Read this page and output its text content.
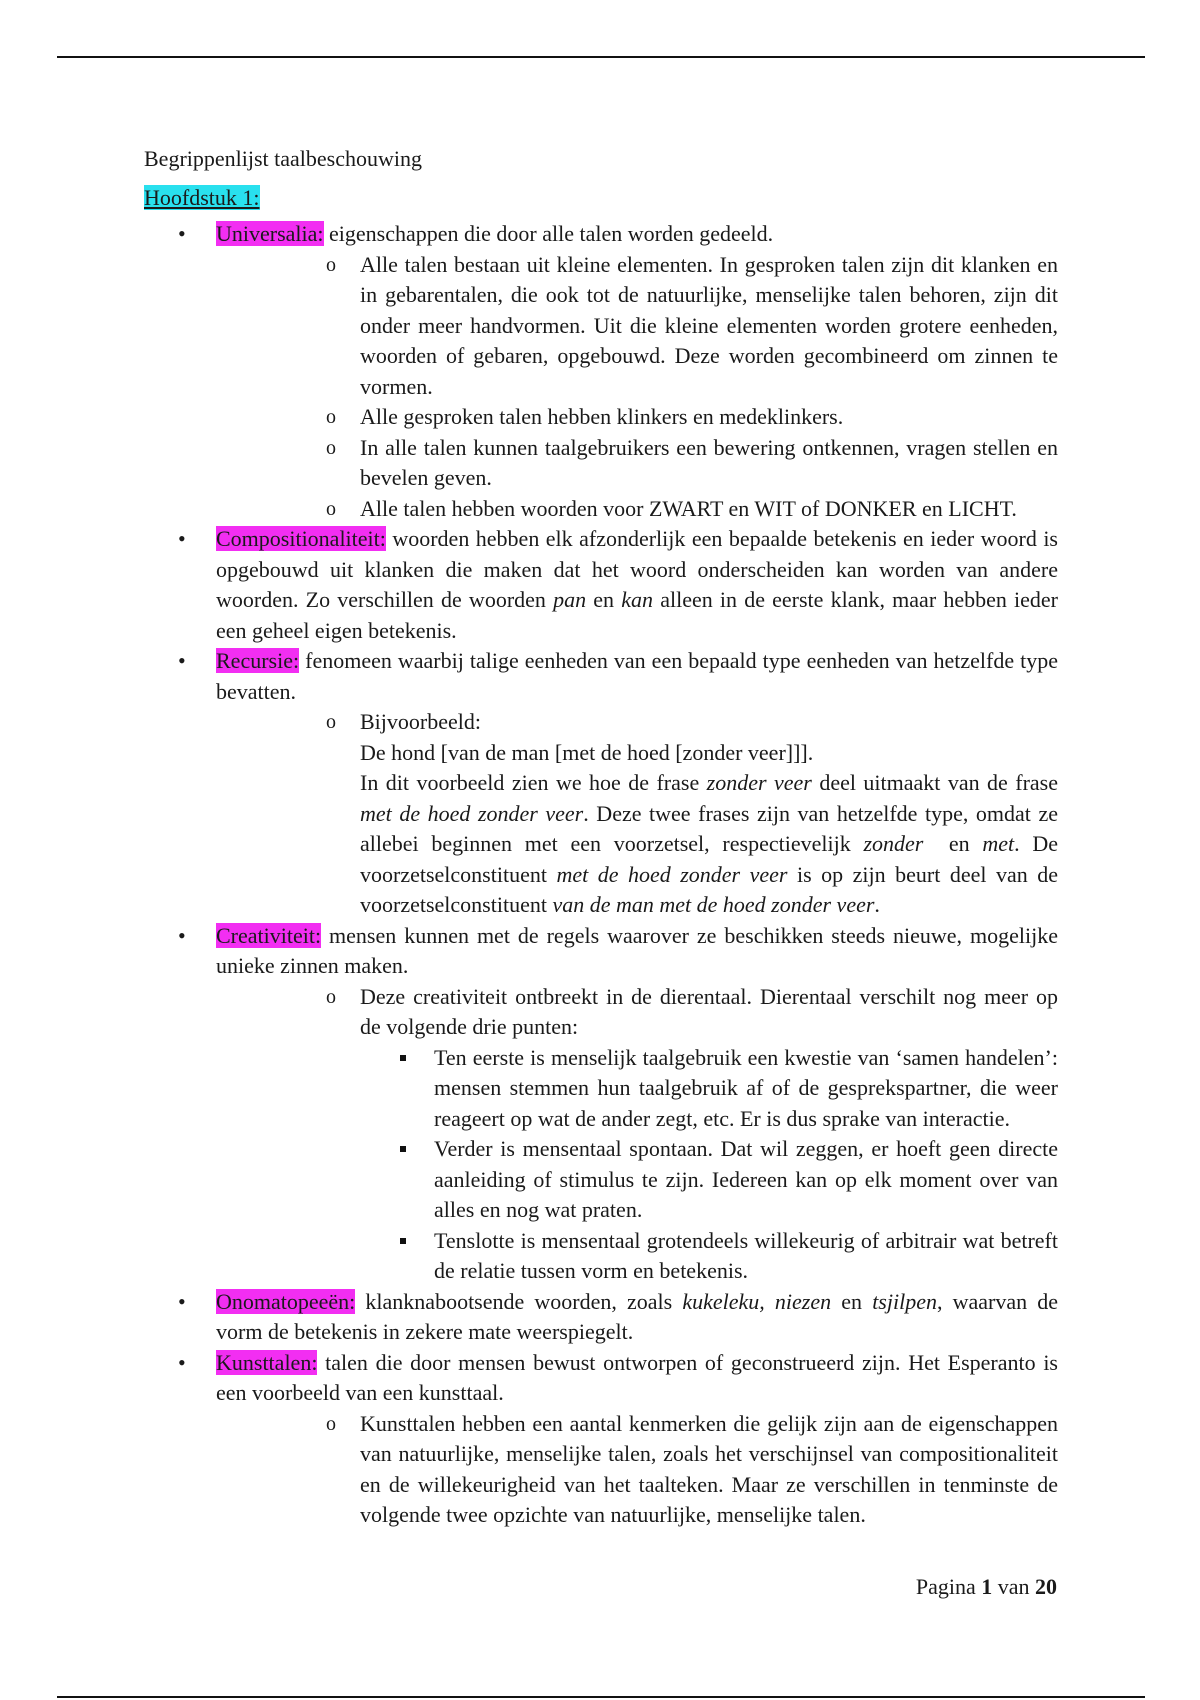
Begrippenlijst taalbeschouwing
Hoofdstuk 1:
• Universalia: eigenschappen die door alle talen worden gedeeld.
o Alle talen bestaan uit kleine elementen. In gesproken talen zijn dit klanken en in gebarentalen, die ook tot de natuurlijke, menselijke talen behoren, zijn dit onder meer handvormen. Uit die kleine elementen worden grotere eenheden, woorden of gebaren, opgebouwd. Deze worden gecombineerd om zinnen te vormen.
o Alle gesproken talen hebben klinkers en medeklinkers.
o In alle talen kunnen taalgebruikers een bewering ontkennen, vragen stellen en bevelen geven.
o Alle talen hebben woorden voor ZWART en WIT of DONKER en LICHT.
• Compositionaliteit: woorden hebben elk afzonderlijk een bepaalde betekenis en ieder woord is opgebouwd uit klanken die maken dat het woord onderscheiden kan worden van andere woorden. Zo verschillen de woorden pan en kan alleen in de eerste klank, maar hebben ieder een geheel eigen betekenis.
• Recursie: fenomeen waarbij talige eenheden van een bepaald type eenheden van hetzelfde type bevatten.
o Bijvoorbeeld:
De hond [van de man [met de hoed [zonder veer]]].
In dit voorbeeld zien we hoe de frase zonder veer deel uitmaakt van de frase met de hoed zonder veer. Deze twee frases zijn van hetzelfde type, omdat ze allebei beginnen met een voorzetsel, respectievelijk zonder  en met. De voorzetselconstituent met de hoed zonder veer is op zijn beurt deel van de voorzetselconstituent van de man met de hoed zonder veer.
• Creativiteit: mensen kunnen met de regels waarover ze beschikken steeds nieuwe, mogelijke unieke zinnen maken.
o Deze creativiteit ontbreekt in de dierentaal. Dierentaal verschilt nog meer op de volgende drie punten:
Ten eerste is menselijk taalgebruik een kwestie van ‘samen handelen’: mensen stemmen hun taalgebruik af of de gesprekspartner, die weer reageert op wat de ander zegt, etc. Er is dus sprake van interactie.
Verder is mensentaal spontaan. Dat wil zeggen, er hoeft geen directe aanleiding of stimulus te zijn. Iedereen kan op elk moment over van alles en nog wat praten.
Tenslotte is mensentaal grotendeels willekeurig of arbitrair wat betreft de relatie tussen vorm en betekenis.
• Onomatopeeën: klanknabootsende woorden, zoals kukeleku, niezen en tsjilpen, waarvan de vorm de betekenis in zekere mate weerspiegelt.
• Kunsttalen: talen die door mensen bewust ontworpen of geconstrueerd zijn. Het Esperanto is een voorbeeld van een kunsttaal.
o Kunsttalen hebben een aantal kenmerken die gelijk zijn aan de eigenschappen van natuurlijke, menselijke talen, zoals het verschijnsel van compositionaliteit en de willekeurigheid van het taalteken. Maar ze verschillen in tenminste de volgende twee opzichte van natuurlijke, menselijke talen.
Pagina 1 van 20
